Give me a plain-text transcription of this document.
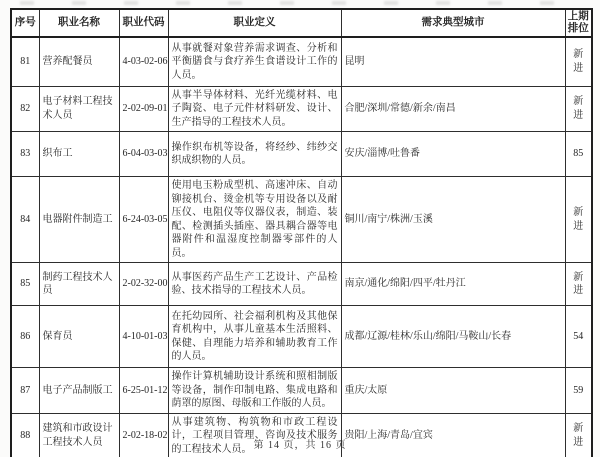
序号	职业名称	职业代码	职业定义	需求典型城市	上期排位
81	营养配餐员	4-03-02-06	从事就餐对象营养需求调查、分析和平衡膳食与食疗养生食谱设计工作的人员。	昆明	新进
82	电子材料工程技术人员	2-02-09-01	从事半导体材料、光纤光缆材料、电子陶瓷、电子元件材料研发、设计、生产指导的工程技术人员。	合肥/深圳/常德/新余/南昌	新进
83	织布工	6-04-03-03	操作织布机等设备，将经纱、纬纱交织成织物的人员。	安庆/淄博/吐鲁番	85
84	电器附件制造工	6-24-03-05	使用电玉粉成型机、高速冲床、自动铆接机台、烫金机等专用设备以及耐压仪、电阻仪等仪器仪表，制造、装配、检测插头插座、器具耦合器等电器附件和温湿度控制器零部件的人员。	铜川/南宁/株洲/玉溪	新进
85	制药工程技术人员	2-02-32-00	从事医药产品生产工艺设计、产品检验、技术指导的工程技术人员。	南京/通化/绵阳/四平/牡丹江	新进
86	保育员	4-10-01-03	在托幼园所、社会福利机构及其他保育机构中，从事儿童基本生活照料、保健、自理能力培养和辅助教育工作的人员。	成都/辽源/桂林/乐山/绵阳/马鞍山/长春	54
87	电子产品制版工	6-25-01-12	操作计算机辅助设计系统和照相制版等设备，制作印制电路、集成电路和荫罩的原图、母版和工作版的人员。	重庆/太原	59
88	建筑和市政设计工程技术人员	2-02-18-02	从事建筑物、构筑物和市政工程设计，工程项目管理、咨询及技术服务的工程技术人员。	贵阳/上海/青岛/宜宾	新进
第 14 页，共 16 页
